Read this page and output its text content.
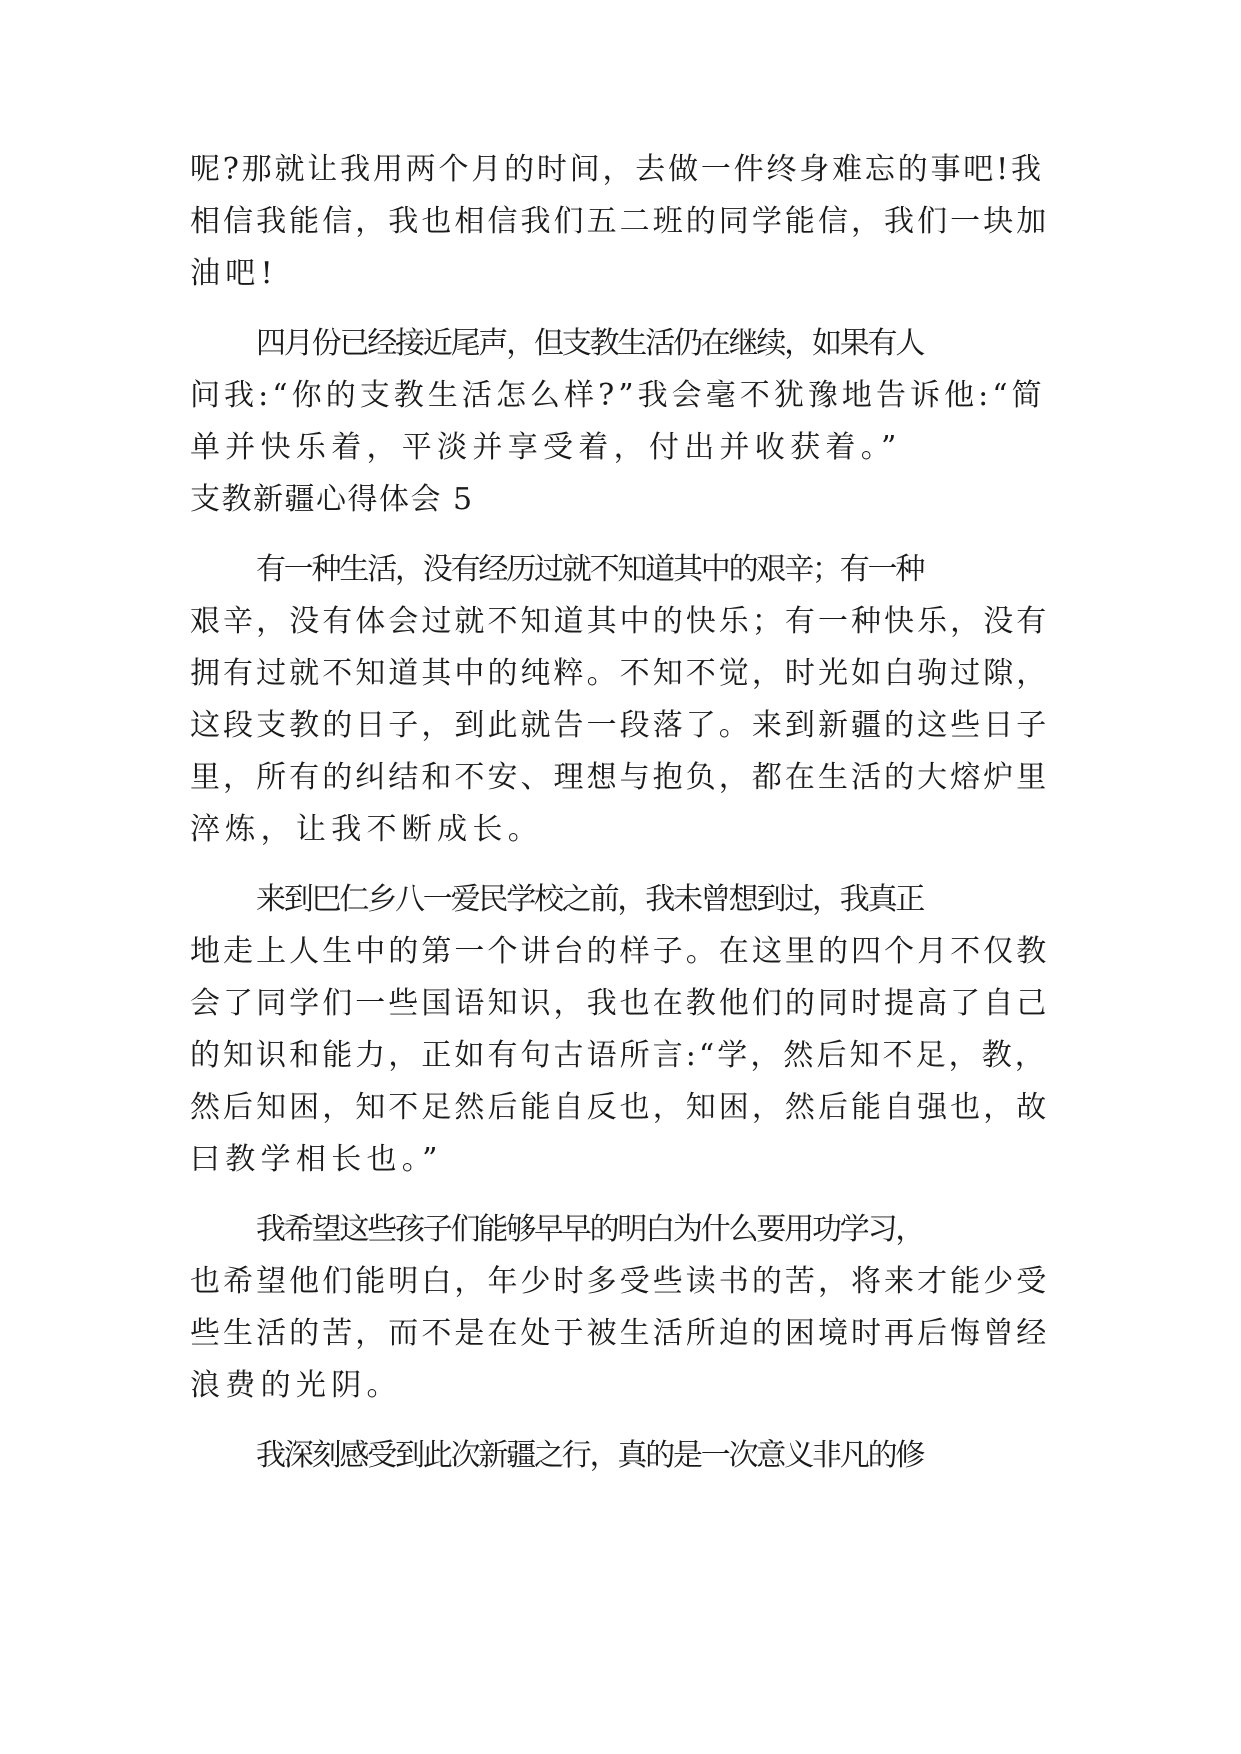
呢?那就让我用两个月的时间，去做一件终身难忘的事吧!我
相信我能信，我也相信我们五二班的同学能信，我们一块加
油吧!
四月份已经接近尾声，但支教生活仍在继续，如果有人
问我:“你的支教生活怎么样?”我会毫不犹豫地告诉他:“简
单并快乐着，平淡并享受着，付出并收获着。”
支教新疆心得体会 5
有一种生活，没有经历过就不知道其中的艰辛；有一种
艰辛，没有体会过就不知道其中的快乐；有一种快乐，没有
拥有过就不知道其中的纯粹。不知不觉，时光如白驹过隙，
这段支教的日子，到此就告一段落了。来到新疆的这些日子
里，所有的纠结和不安、理想与抱负，都在生活的大熔炉里
淬炼，让我不断成长。
来到巴仁乡八一爱民学校之前，我未曾想到过，我真正
地走上人生中的第一个讲台的样子。在这里的四个月不仅教
会了同学们一些国语知识，我也在教他们的同时提高了自己
的知识和能力，正如有句古语所言:“学，然后知不足，教，
然后知困，知不足然后能自反也，知困，然后能自强也，故
曰教学相长也。”
我希望这些孩子们能够早早的明白为什么要用功学习，
也希望他们能明白，年少时多受些读书的苦，将来才能少受
些生活的苦，而不是在处于被生活所迫的困境时再后悔曾经
浪费的光阴。
我深刻感受到此次新疆之行，真的是一次意义非凡的修
